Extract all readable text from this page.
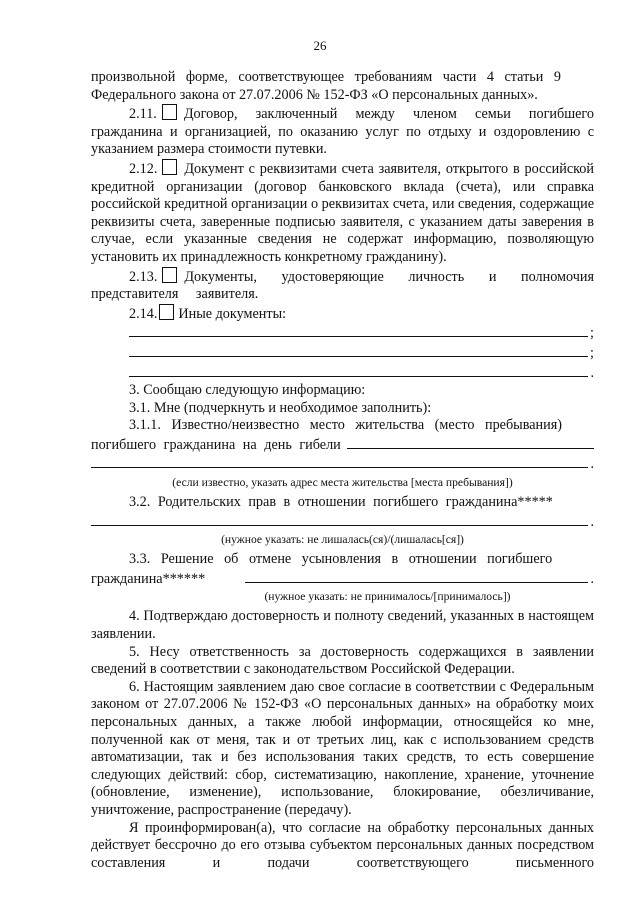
26

произвольной форме, соответствующее требованиям части 4 статьи 9

Федерального закона от 27.07.2006 № 152-ФЗ «О персональных данных».

2.11. Договор, заключенный между членом семьи погибшего гражданина и организацией, по оказанию услуг по отдыху и оздоровлению с указанием размера стоимости путевки.

2.12. Документ с реквизитами счета заявителя, открытого в российской кредитной организации (договор банковского вклада (счета), или справка российской кредитной организации о реквизитах счета, или сведения, содержащие реквизиты счета, заверенные подписью заявителя, с указанием даты заверения в случае, если указанные сведения не содержат информацию, позволяющую установить их принадлежность конкретному гражданину).

2.13. Документы, удостоверяющие личность и полномочия представителя заявителя.

2.14. Иные документы:

;
;
.

3. Сообщаю следующую информацию:

3.1. Мне (подчеркнуть и необходимое заполнить):

3.1.1. Известно/неизвестно место жительства (место пребывания)

погибшего гражданина на день гибели
.
(если известно, указать адрес места жительства [места пребывания])

3.2. Родительских прав в отношении погибшего гражданина*****

.
(нужное указать: не лишалась(ся)/(лишалась[ся])

3.3. Решение об отмене усыновления в отношении погибшего

гражданина******	.
(нужное указать: не принималось/[принималось])

4. Подтверждаю достоверность и полноту сведений, указанных в настоящем заявлении.

5. Несу ответственность за достоверность содержащихся в заявлении сведений в соответствии с законодательством Российской Федерации.

6. Настоящим заявлением даю свое согласие в соответствии с Федеральным законом от 27.07.2006 № 152-ФЗ «О персональных данных» на обработку моих персональных данных, а также любой информации, относящейся ко мне, полученной как от меня, так и от третьих лиц, как с использованием средств автоматизации, так и без использования таких средств, то есть совершение следующих действий: сбор, систематизацию, накопление, хранение, уточнение (обновление, изменение), использование, блокирование, обезличивание, уничтожение, распространение (передачу).

Я проинформирован(а), что согласие на обработку персональных данных действует бессрочно до его отзыва субъектом персональных данных посредством составления и подачи соответствующего письменного
